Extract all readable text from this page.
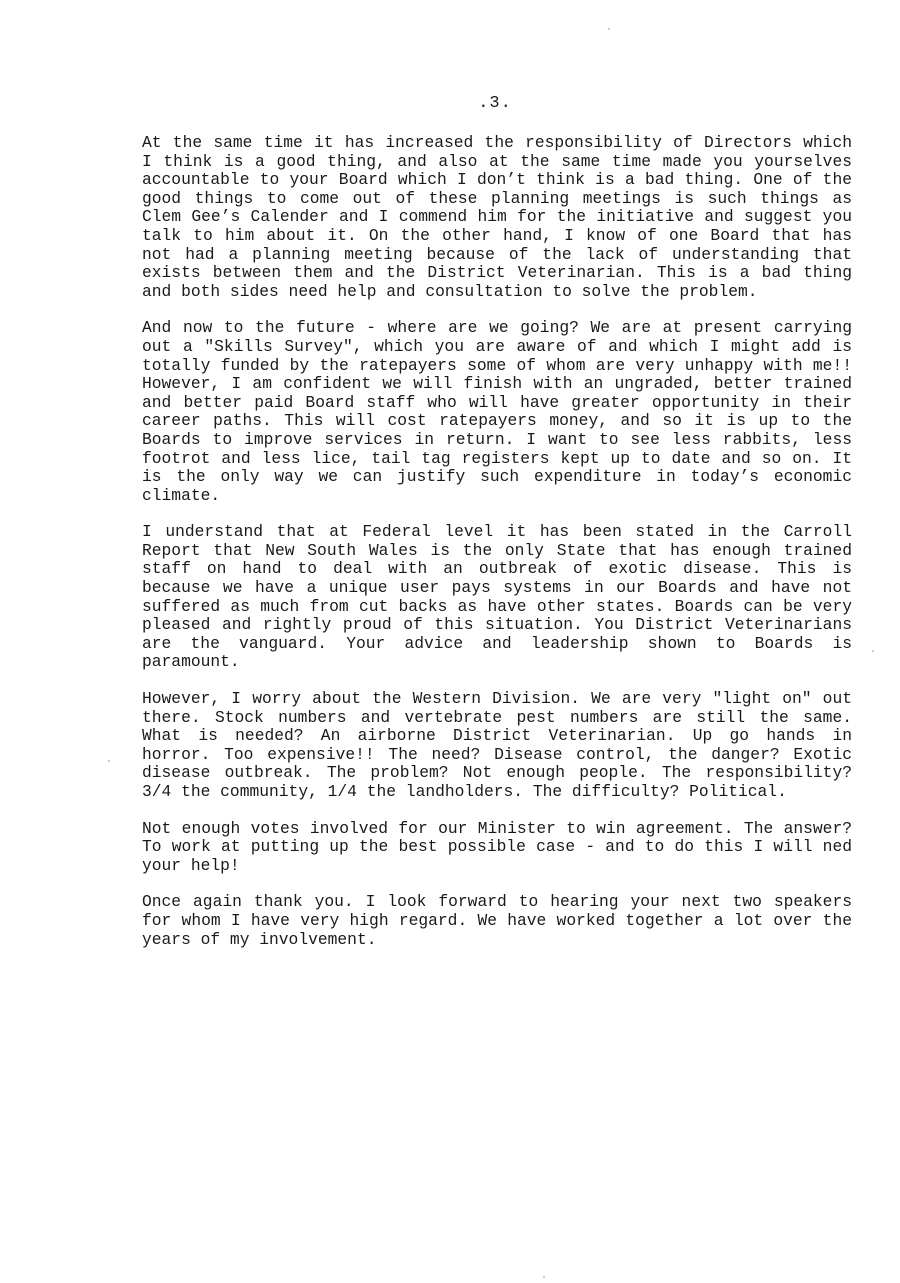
.3.

At the same time it has increased the responsibility of Directors which I think is a good thing, and also at the same time made you yourselves accountable to your Board which I don’t think is a bad thing. One of the good things to come out of these planning meetings is such things as Clem Gee’s Calender and I commend him for the initiative and suggest you talk to him about it. On the other hand, I know of one Board that has not had a planning meeting because of the lack of understanding that exists between them and the District Veterinarian. This is a bad thing and both sides need help and consultation to solve the problem.

And now to the future - where are we going? We are at present carrying out a "Skills Survey", which you are aware of and which I might add is totally funded by the ratepayers some of whom are very unhappy with me!! However, I am confident we will finish with an ungraded, better trained and better paid Board staff who will have greater opportunity in their career paths. This will cost ratepayers money, and so it is up to the Boards to improve services in return. I want to see less rabbits, less footrot and less lice, tail tag registers kept up to date and so on. It is the only way we can justify such expenditure in today’s economic climate.

I understand that at Federal level it has been stated in the Carroll Report that New South Wales is the only State that has enough trained staff on hand to deal with an outbreak of exotic disease. This is because we have a unique user pays systems in our Boards and have not suffered as much from cut backs as have other states. Boards can be very pleased and rightly proud of this situation. You District Veterinarians are the vanguard. Your advice and leadership shown to Boards is paramount.

However, I worry about the Western Division. We are very "light on" out there. Stock numbers and vertebrate pest numbers are still the same. What is needed? An airborne District Veterinarian. Up go hands in horror. Too expensive!! The need? Disease control, the danger? Exotic disease outbreak. The problem? Not enough people. The responsibility? 3/4 the community, 1/4 the landholders. The difficulty? Political.

Not enough votes involved for our Minister to win agreement. The answer? To work at putting up the best possible case - and to do this I will ned your help!

Once again thank you. I look forward to hearing your next two speakers for whom I have very high regard. We have worked together a lot over the years of my involvement.
